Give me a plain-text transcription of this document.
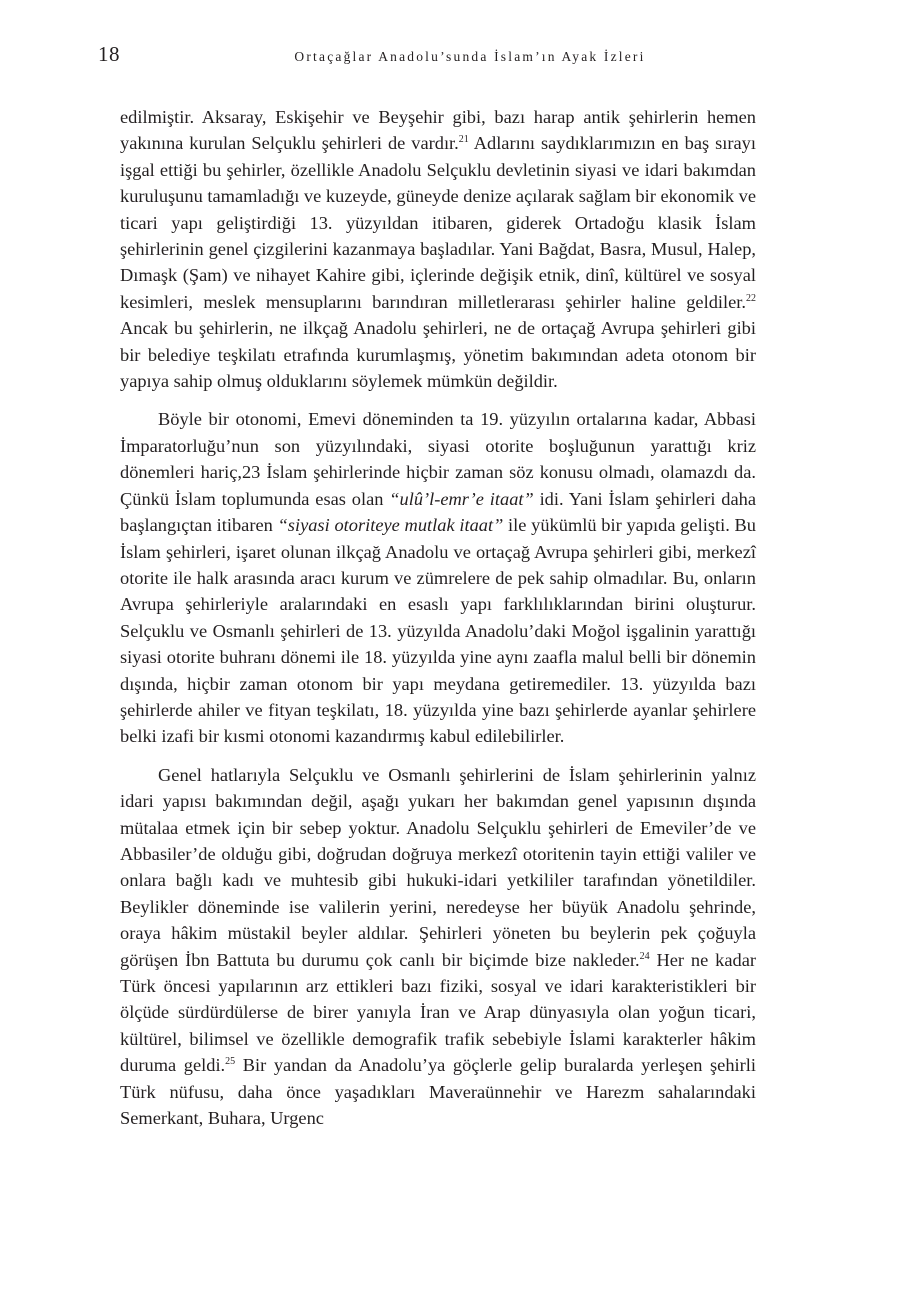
18	Ortaçağlar Anadolu’sunda İslam’ın Ayak İzleri

edilmiştir. Aksaray, Eskişehir ve Beyşehir gibi, bazı harap antik şehirlerin hemen yakınına kurulan Selçuklu şehirleri de vardır.$^{21}$ Adlarını saydıklarımızın en baş sırayı işgal ettiği bu şehirler, özellikle Anadolu Selçuklu devletinin siyasi ve idari bakımdan kuruluşunu tamamladığı ve kuzeyde, güneyde denize açılarak sağlam bir ekonomik ve ticari yapı geliştirdiği 13. yüzyıldan itibaren, giderek Ortadoğu klasik İslam şehirlerinin genel çizgilerini kazanmaya başladılar. Yani Bağdat, Basra, Musul, Halep, Dımaşk (Şam) ve nihayet Kahire gibi, içlerinde değişik etnik, dinî, kültürel ve sosyal kesimleri, meslek mensuplarını barındıran milletlerarası şehirler haline geldiler.$^{22}$ Ancak bu şehirlerin, ne ilkçağ Anadolu şehirleri, ne de ortaçağ Avrupa şehirleri gibi bir belediye teşkilatı etrafında kurumlaşmış, yönetim bakımından adeta otonom bir yapıya sahip olmuş olduklarını söylemek mümkün değildir.

Böyle bir otonomi, Emevi döneminden ta 19. yüzyılın ortalarına kadar, Abbasi İmparatorluğu’nun son yüzyılındaki, siyasi otorite boşluğunun yarattığı kriz dönemleri hariç,23 İslam şehirlerinde hiçbir zaman söz konusu olmadı, olamazdı da. Çünkü İslam toplumunda esas olan “ulû’l-emr’e itaat” idi. Yani İslam şehirleri daha başlangıçtan itibaren “siyasi otoriteye mutlak itaat” ile yükümlü bir yapıda gelişti. Bu İslam şehirleri, işaret olunan ilkçağ Anadolu ve ortaçağ Avrupa şehirleri gibi, merkezî otorite ile halk arasında aracı kurum ve zümrelere de pek sahip olmadılar. Bu, onların Avrupa şehirleriyle aralarındaki en esaslı yapı farklılıklarından birini oluşturur. Selçuklu ve Osmanlı şehirleri de 13. yüzyılda Anadolu’daki Moğol işgalinin yarattığı siyasi otorite buhranı dönemi ile 18. yüzyılda yine aynı zaafla malul belli bir dönemin dışında, hiçbir zaman otonom bir yapı meydana getiremediler. 13. yüzyılda bazı şehirlerde ahiler ve fityan teşkilatı, 18. yüzyılda yine bazı şehirlerde ayanlar şehirlere belki izafi bir kısmi otonomi kazandırmış kabul edilebilirler.

Genel hatlarıyla Selçuklu ve Osmanlı şehirlerini de İslam şehirlerinin yalnız idari yapısı bakımından değil, aşağı yukarı her bakımdan genel yapısının dışında mütalaa etmek için bir sebep yoktur. Anadolu Selçuklu şehirleri de Emeviler’de ve Abbasiler’de olduğu gibi, doğrudan doğruya merkezî otoritenin tayin ettiği valiler ve onlara bağlı kadı ve muhtesib gibi hukuki-idari yetkililer tarafından yönetildiler. Beylikler döneminde ise valilerin yerini, neredeyse her büyük Anadolu şehrinde, oraya hâkim müstakil beyler aldılar. Şehirleri yöneten bu beylerin pek çoğuyla görüşen İbn Battuta bu durumu çok canlı bir biçimde bize nakleder.$^{24}$ Her ne kadar Türk öncesi yapılarının arz ettikleri bazı fiziki, sosyal ve idari karakteristikleri bir ölçüde sürdürdülerse de birer yanıyla İran ve Arap dünyasıyla olan yoğun ticari, kültürel, bilimsel ve özellikle demografik trafik sebebiyle İslami karakterler hâkim duruma geldi.$^{25}$ Bir yandan da Anadolu’ya göçlerle gelip buralarda yerleşen şehirli Türk nüfusu, daha önce yaşadıkları Maveraünnehir ve Harezm sahalarındaki Semerkant, Buhara, Urgenc
